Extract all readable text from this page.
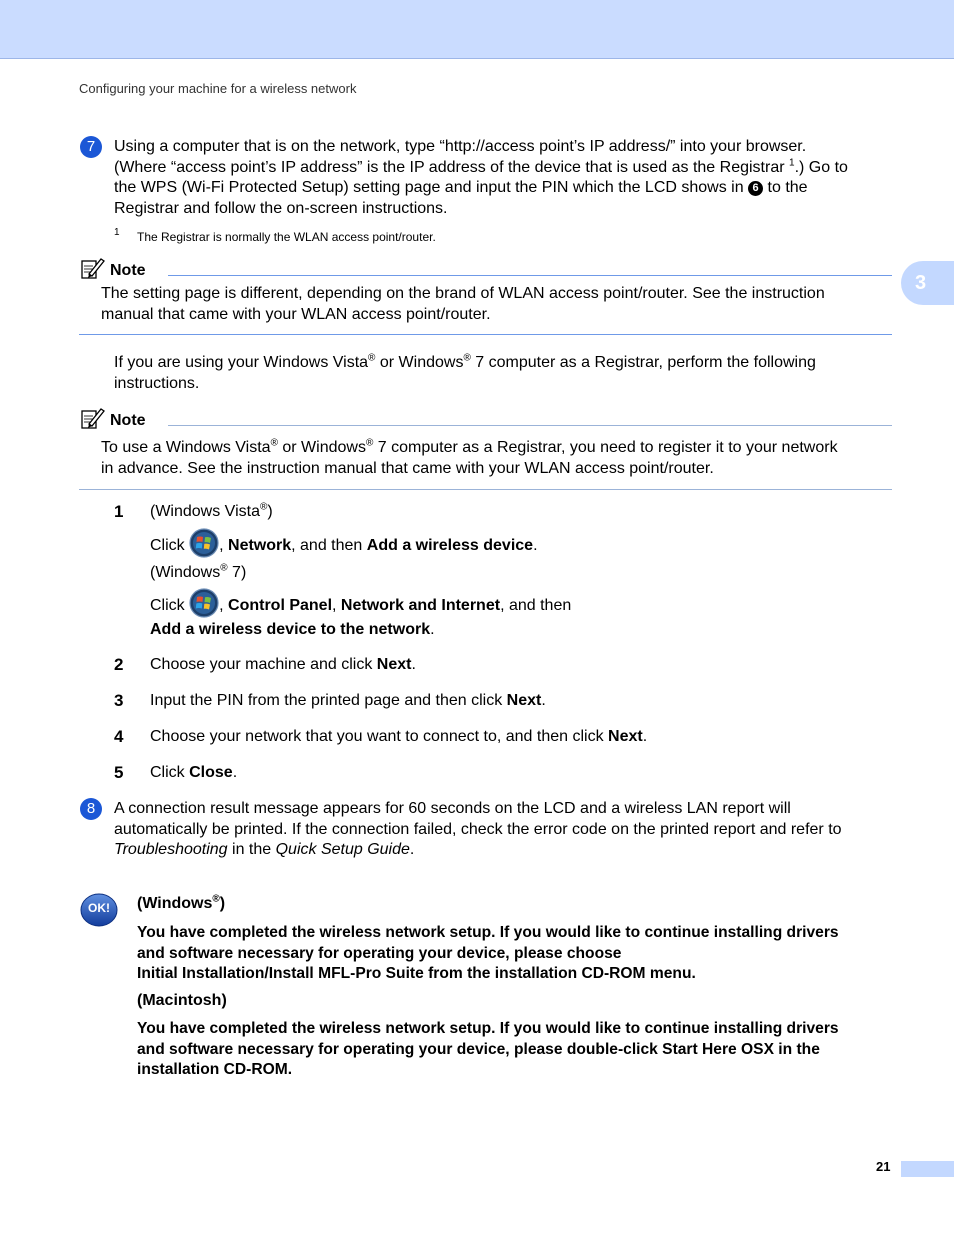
Configuring your machine for a wireless network
3
7	Using a computer that is on the network, type “http://access point’s IP address/” into your browser.
(Where “access point’s IP address” is the IP address of the device that is used as the Registrar $^1$.) Go to
the WPS (Wi-Fi Protected Setup) setting page and input the PIN which the LCD shows in 6 to the
Registrar and follow the on-screen instructions.
1 The Registrar is normally the WLAN access point/router.
Note
The setting page is different, depending on the brand of WLAN access point/router. See the instruction
manual that came with your WLAN access point/router.
If you are using your Windows Vista® or Windows® 7 computer as a Registrar, perform the following
instructions.
Note
To use a Windows Vista® or Windows® 7 computer as a Registrar, you need to register it to your network
in advance. See the instruction manual that came with your WLAN access point/router.
1 (Windows Vista®)
Click , Network, and then Add a wireless device.
(Windows® 7)
Click , Control Panel, Network and Internet, and then
Add a wireless device to the network.
2 Choose your machine and click Next.
3 Input the PIN from the printed page and then click Next.
4 Choose your network that you want to connect to, and then click Next.
5 Click Close.
8	A connection result message appears for 60 seconds on the LCD and a wireless LAN report will
automatically be printed. If the connection failed, check the error code on the printed report and refer to
Troubleshooting in the Quick Setup Guide.
OK!	(Windows®)
You have completed the wireless network setup. If you would like to continue installing drivers
and software necessary for operating your device, please choose
Initial Installation/Install MFL-Pro Suite from the installation CD-ROM menu.
(Macintosh)
You have completed the wireless network setup. If you would like to continue installing drivers
and software necessary for operating your device, please double-click Start Here OSX in the
installation CD-ROM.
21
